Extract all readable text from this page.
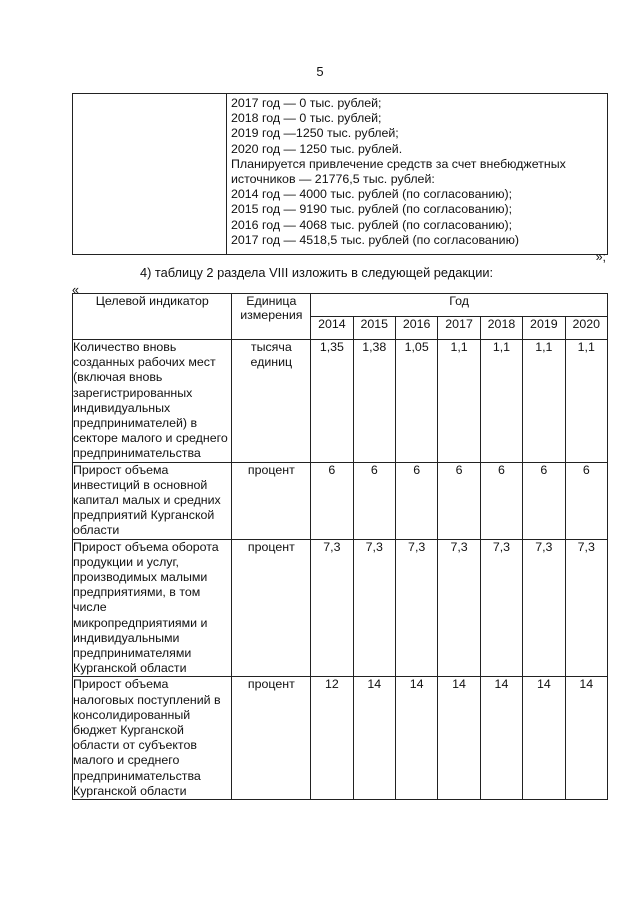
5

2017 год — 0 тыс. рублей;
2018 год — 0 тыс. рублей;
2019 год —1250 тыс. рублей;
2020 год — 1250 тыс. рублей.
Планируется привлечение средств за счет внебюджетных
источников — 21776,5 тыс. рублей:
2014 год — 4000 тыс. рублей (по согласованию);
2015 год — 9190 тыс. рублей (по согласованию);
2016 год — 4068 тыс. рублей (по согласованию);
2017 год — 4518,5 тыс. рублей (по согласованию)
»;
4) таблицу 2 раздела VIII изложить в следующей редакции:
«
Целевой индикатор	Единица измерения	Год						
		2014	2015	2016	2017	2018	2019	2020
Количество вновь созданных рабочих мест (включая вновь зарегистрированных индивидуальных предпринимателей) в секторе малого и среднего предпринимательства	тысяча единиц	1,35	1,38	1,05	1,1	1,1	1,1	1,1
Прирост объема инвестиций в основной капитал малых и средних предприятий Курганской области	процент	6	6	6	6	6	6	6
Прирост объема оборота продукции и услуг, производимых малыми предприятиями, в том числе микропредприятиями и индивидуальными предпринимателями Курганской области	процент	7,3	7,3	7,3	7,3	7,3	7,3	7,3
Прирост объема налоговых поступлений в консолидированный бюджет Курганской области от субъектов малого и среднего предпринимательства Курганской области	процент	12	14	14	14	14	14	14
